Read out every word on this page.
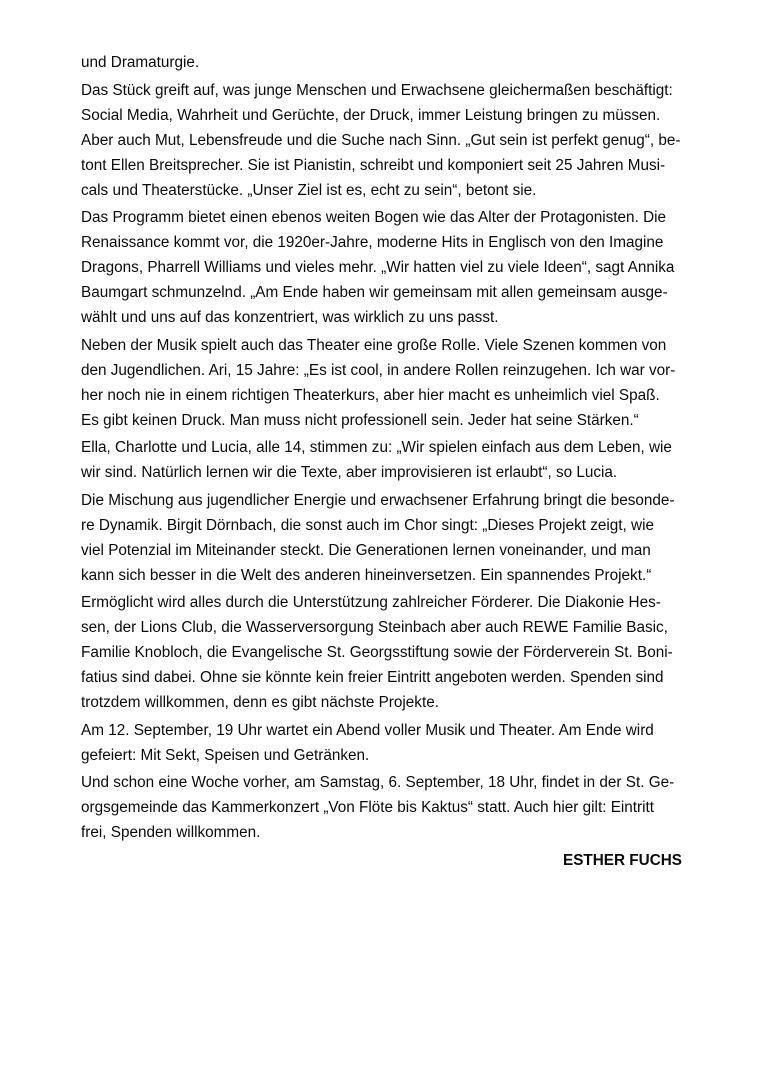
und Dramaturgie.

Das Stück greift auf, was junge Menschen und Erwachsene gleichermaßen beschäftigt:
Social Media, Wahrheit und Gerüchte, der Druck, immer Leistung bringen zu müssen.
Aber auch Mut, Lebensfreude und die Suche nach Sinn. „Gut sein ist perfekt genug“, be-
tont Ellen Breitsprecher. Sie ist Pianistin, schreibt und komponiert seit 25 Jahren Musi-
cals und Theaterstücke. „Unser Ziel ist es, echt zu sein“, betont sie.

Das Programm bietet einen ebenos weiten Bogen wie das Alter der Protagonisten. Die
Renaissance kommt vor, die 1920er-Jahre, moderne Hits in Englisch von den Imagine
Dragons, Pharrell Williams und vieles mehr. „Wir hatten viel zu viele Ideen“, sagt Annika
Baumgart schmunzelnd. „Am Ende haben wir gemeinsam mit allen gemeinsam ausge-
wählt und uns auf das konzentriert, was wirklich zu uns passt.

Neben der Musik spielt auch das Theater eine große Rolle. Viele Szenen kommen von
den Jugendlichen. Ari, 15 Jahre: „Es ist cool, in andere Rollen reinzugehen. Ich war vor-
her noch nie in einem richtigen Theaterkurs, aber hier macht es unheimlich viel Spaß.
Es gibt keinen Druck. Man muss nicht professionell sein. Jeder hat seine Stärken.“

Ella, Charlotte und Lucia, alle 14, stimmen zu: „Wir spielen einfach aus dem Leben, wie
wir sind. Natürlich lernen wir die Texte, aber improvisieren ist erlaubt“, so Lucia.

Die Mischung aus jugendlicher Energie und erwachsener Erfahrung bringt die besonde-
re Dynamik. Birgit Dörnbach, die sonst auch im Chor singt: „Dieses Projekt zeigt, wie
viel Potenzial im Miteinander steckt. Die Generationen lernen voneinander, und man
kann sich besser in die Welt des anderen hineinversetzen. Ein spannendes Projekt.“

Ermöglicht wird alles durch die Unterstützung zahlreicher Förderer. Die Diakonie Hes-
sen, der Lions Club, die Wasserversorgung Steinbach aber auch REWE Familie Basic,
Familie Knobloch, die Evangelische St. Georgsstiftung sowie der Förderverein St. Boni-
fatius sind dabei. Ohne sie könnte kein freier Eintritt angeboten werden. Spenden sind
trotzdem willkommen, denn es gibt nächste Projekte.

Am 12. September, 19 Uhr wartet ein Abend voller Musik und Theater. Am Ende wird
gefeiert: Mit Sekt, Speisen und Getränken.

Und schon eine Woche vorher, am Samstag, 6. September, 18 Uhr, findet in der St. Ge-
orgsgemeinde das Kammerkonzert „Von Flöte bis Kaktus“ statt. Auch hier gilt: Eintritt
frei, Spenden willkommen.

ESTHER FUCHS
